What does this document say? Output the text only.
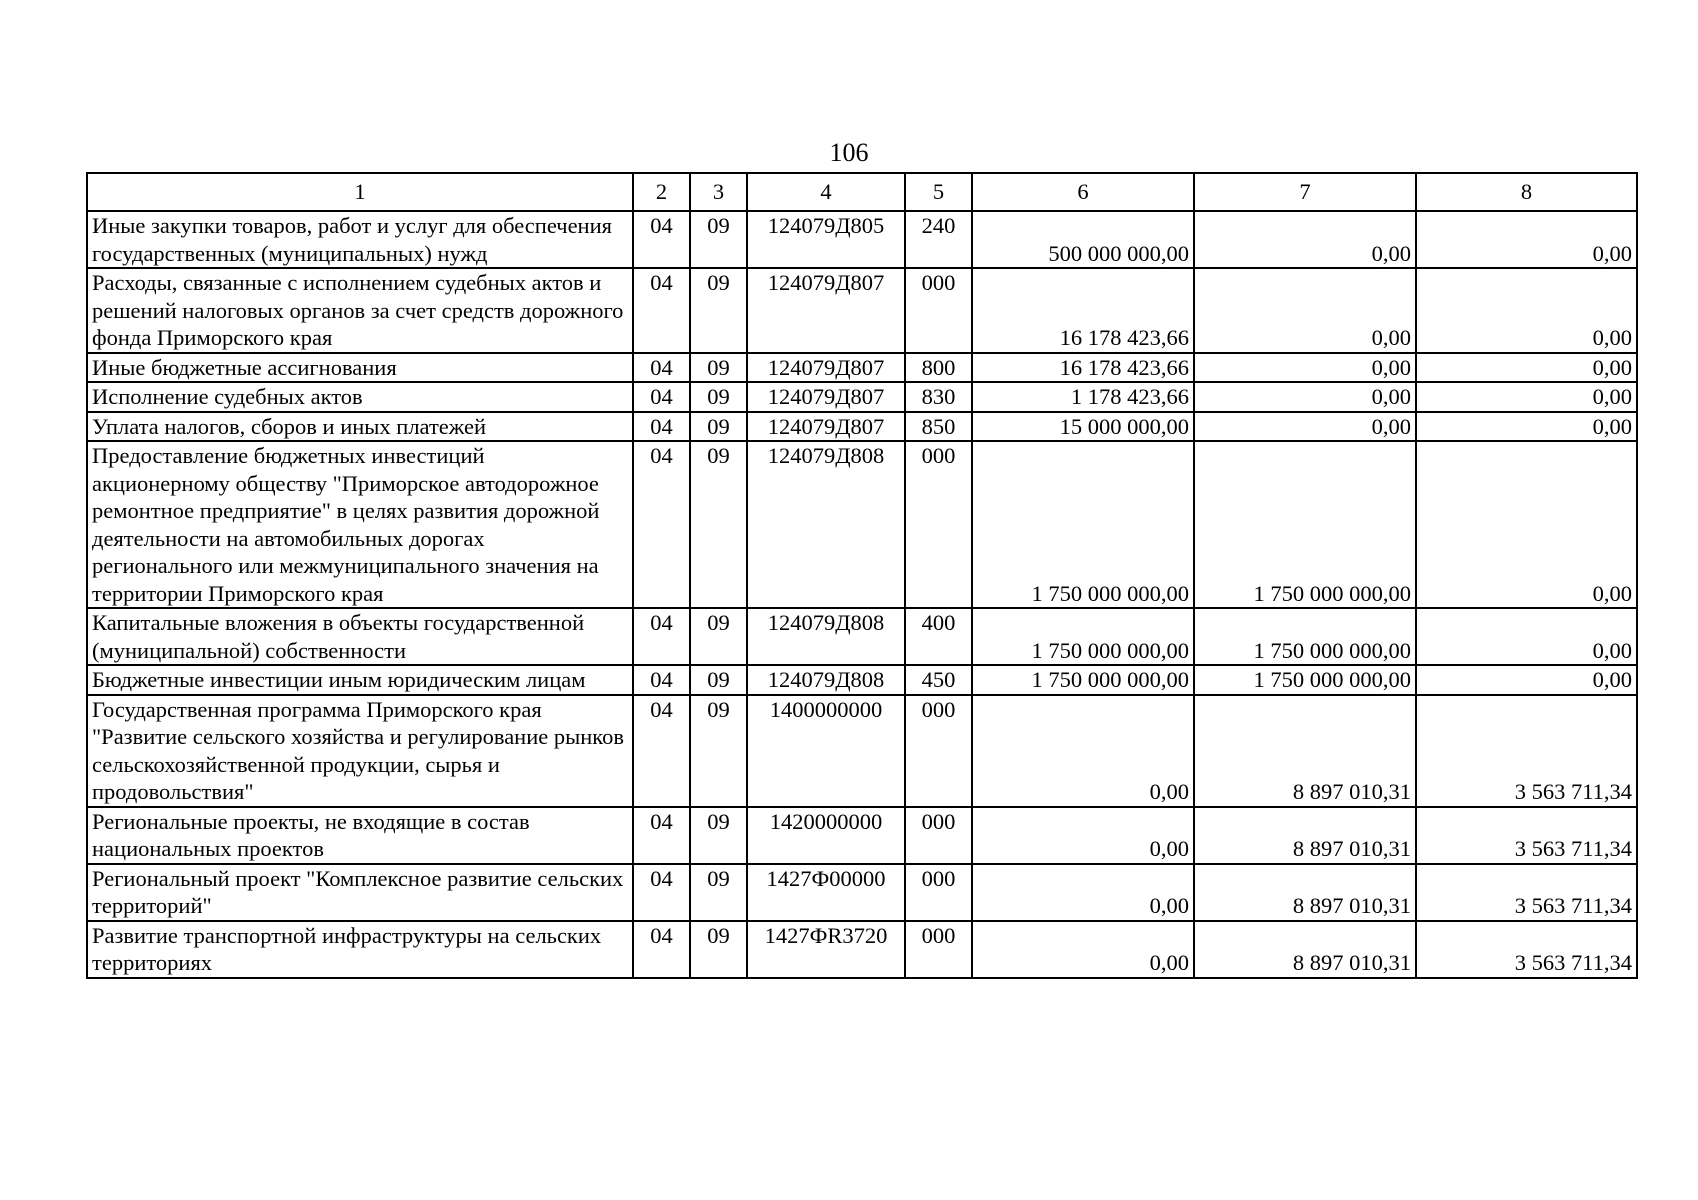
106
1	2	3	4	5	6	7	8
Иные закупки товаров, работ и услуг для обеспечения государственных (муниципальных) нужд	04	09	124079Д805	240	500 000 000,00	0,00	0,00
Расходы, связанные с исполнением судебных актов и решений налоговых органов за счет средств дорожного фонда Приморского края	04	09	124079Д807	000	16 178 423,66	0,00	0,00
Иные бюджетные ассигнования	04	09	124079Д807	800	16 178 423,66	0,00	0,00
Исполнение судебных актов	04	09	124079Д807	830	1 178 423,66	0,00	0,00
Уплата налогов, сборов и иных платежей	04	09	124079Д807	850	15 000 000,00	0,00	0,00
Предоставление бюджетных инвестиций акционерному обществу "Приморское автодорожное ремонтное предприятие" в целях развития дорожной деятельности на автомобильных дорогах регионального или межмуниципального значения на территории Приморского края	04	09	124079Д808	000	1 750 000 000,00	1 750 000 000,00	0,00
Капитальные вложения в объекты государственной (муниципальной) собственности	04	09	124079Д808	400	1 750 000 000,00	1 750 000 000,00	0,00
Бюджетные инвестиции иным юридическим лицам	04	09	124079Д808	450	1 750 000 000,00	1 750 000 000,00	0,00
Государственная программа Приморского края "Развитие сельского хозяйства и регулирование рынков сельскохозяйственной продукции, сырья и продовольствия"	04	09	1400000000	000	0,00	8 897 010,31	3 563 711,34
Региональные проекты, не входящие в состав национальных проектов	04	09	1420000000	000	0,00	8 897 010,31	3 563 711,34
Региональный проект "Комплексное развитие сельских территорий"	04	09	1427Ф00000	000	0,00	8 897 010,31	3 563 711,34
Развитие транспортной инфраструктуры на сельских территориях	04	09	1427ФR3720	000	0,00	8 897 010,31	3 563 711,34
